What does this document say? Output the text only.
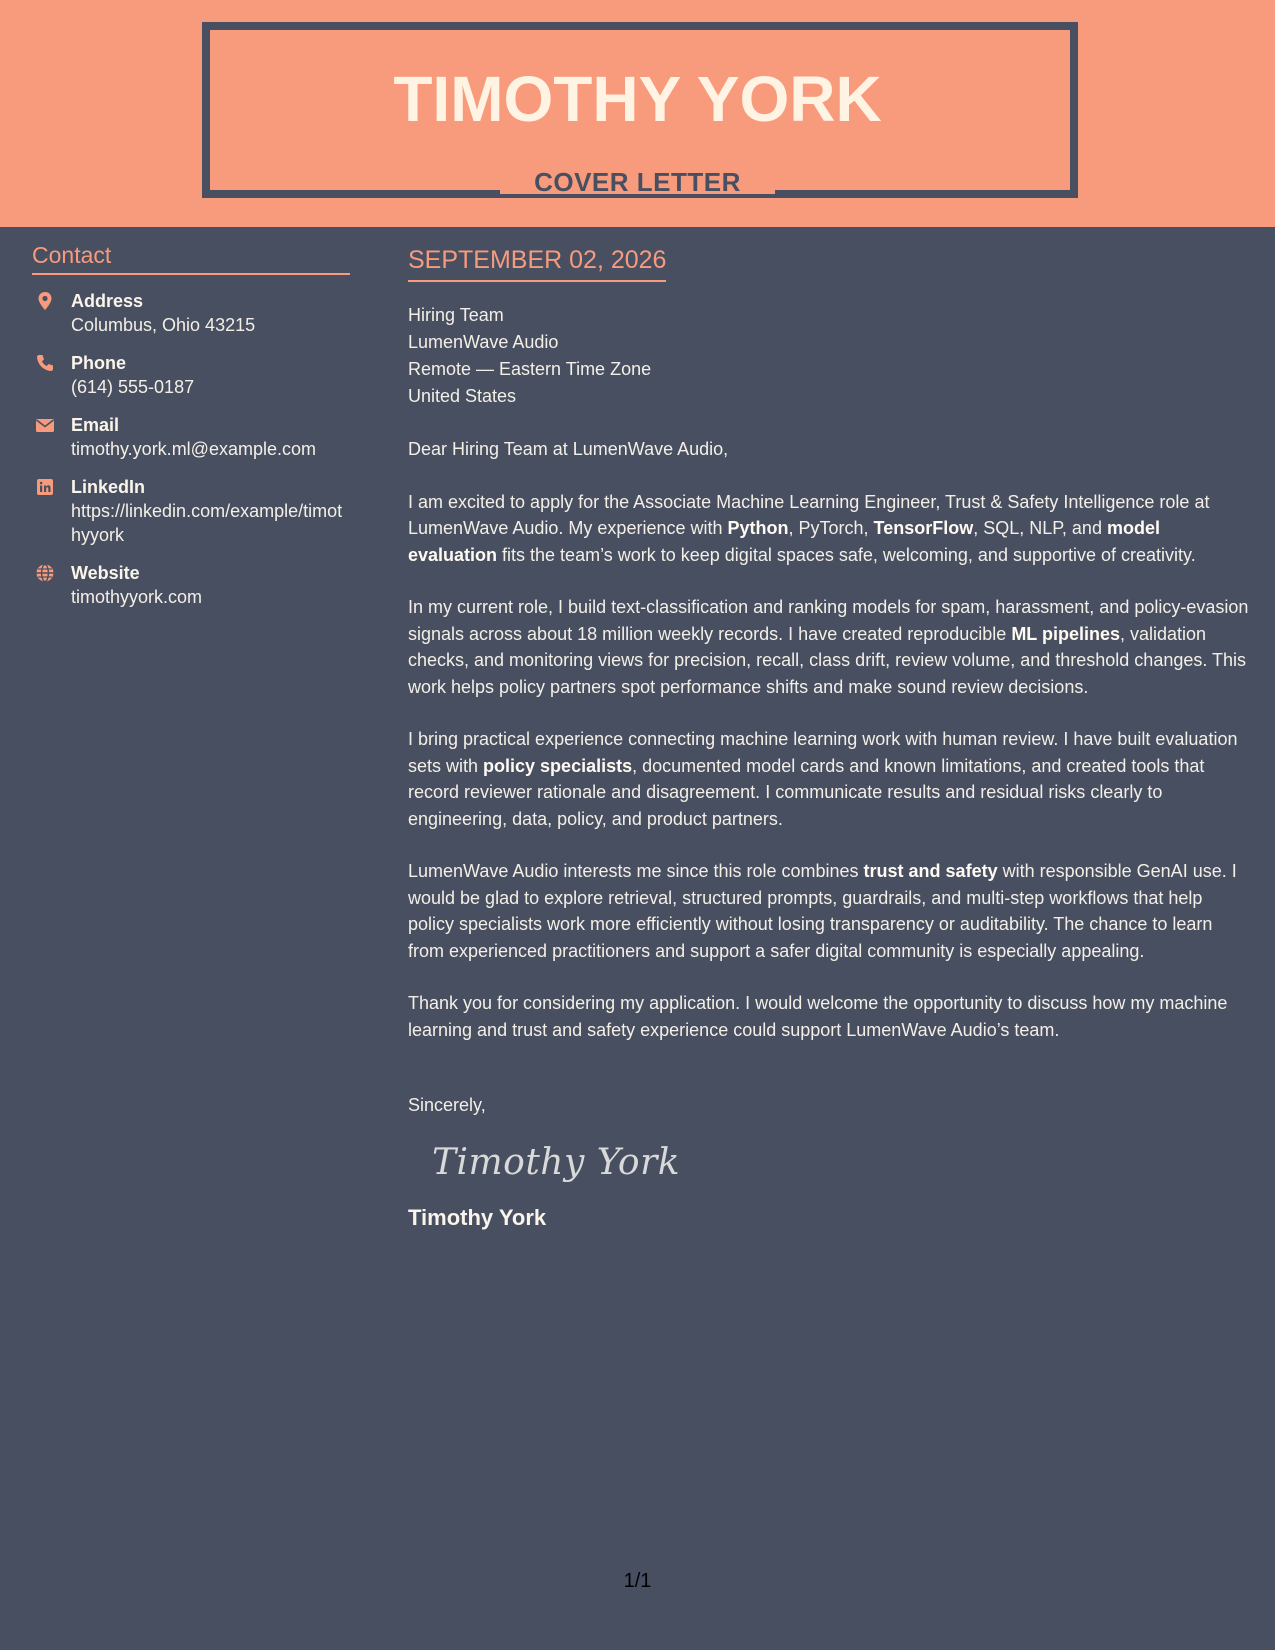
TIMOTHY YORK
COVER LETTER
Contact
Address
Columbus, Ohio 43215
Phone
(614) 555-0187
Email
timothy.york.ml@example.com
LinkedIn
https://linkedin.com/example/timothyyork
Website
timothyyork.com
SEPTEMBER 02, 2026
Hiring Team
LumenWave Audio
Remote — Eastern Time Zone
United States
Dear Hiring Team at LumenWave Audio,
I am excited to apply for the Associate Machine Learning Engineer, Trust & Safety Intelligence role at LumenWave Audio. My experience with Python, PyTorch, TensorFlow, SQL, NLP, and model evaluation fits the team’s work to keep digital spaces safe, welcoming, and supportive of creativity.
In my current role, I build text-classification and ranking models for spam, harassment, and policy-evasion signals across about 18 million weekly records. I have created reproducible ML pipelines, validation checks, and monitoring views for precision, recall, class drift, review volume, and threshold changes. This work helps policy partners spot performance shifts and make sound review decisions.
I bring practical experience connecting machine learning work with human review. I have built evaluation sets with policy specialists, documented model cards and known limitations, and created tools that record reviewer rationale and disagreement. I communicate results and residual risks clearly to engineering, data, policy, and product partners.
LumenWave Audio interests me since this role combines trust and safety with responsible GenAI use. I would be glad to explore retrieval, structured prompts, guardrails, and multi-step workflows that help policy specialists work more efficiently without losing transparency or auditability. The chance to learn from experienced practitioners and support a safer digital community is especially appealing.
Thank you for considering my application. I would welcome the opportunity to discuss how my machine learning and trust and safety experience could support LumenWave Audio’s team.
Sincerely,
Timothy York
Timothy York
1/1
